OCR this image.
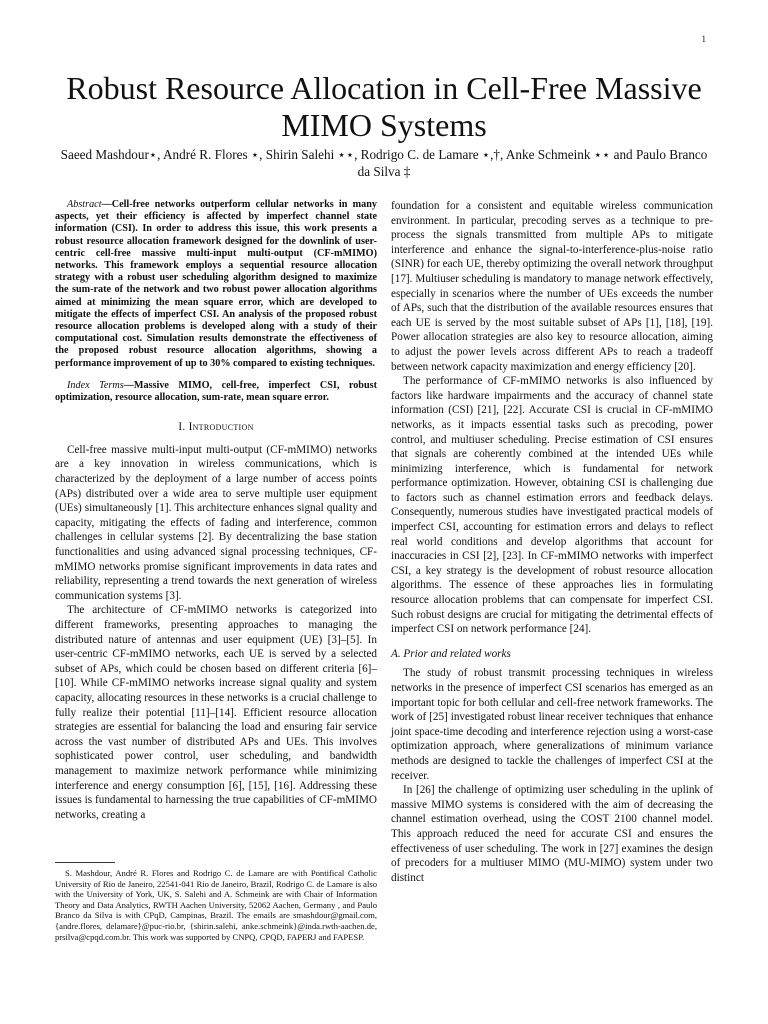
1
Robust Resource Allocation in Cell-Free Massive MIMO Systems
Saeed Mashdour⋆, André R. Flores ⋆, Shirin Salehi ⋆⋆, Rodrigo C. de Lamare ⋆,†, Anke Schmeink ⋆⋆ and Paulo Branco da Silva ‡

Abstract—Cell-free networks outperform cellular networks in many aspects, yet their efficiency is affected by imperfect channel state information (CSI). In order to address this issue, this work presents a robust resource allocation framework designed for the downlink of user-centric cell-free massive multi-input multi-output (CF-mMIMO) networks. This framework employs a sequential resource allocation strategy with a robust user scheduling algorithm designed to maximize the sum-rate of the network and two robust power allocation algorithms aimed at minimizing the mean square error, which are developed to mitigate the effects of imperfect CSI. An analysis of the proposed robust resource allocation problems is developed along with a study of their computational cost. Simulation results demonstrate the effectiveness of the proposed robust resource allocation algorithms, showing a performance improvement of up to 30% compared to existing techniques.

Index Terms—Massive MIMO, cell-free, imperfect CSI, robust optimization, resource allocation, sum-rate, mean square error.

I. Introduction

Cell-free massive multi-input multi-output (CF-mMIMO) networks are a key innovation in wireless communications, which is characterized by the deployment of a large number of access points (APs) distributed over a wide area to serve multiple user equipment (UEs) simultaneously [1]. This architecture enhances signal quality and capacity, mitigating the effects of fading and interference, common challenges in cellular systems [2]. By decentralizing the base station functionalities and using advanced signal processing techniques, CF-mMIMO networks promise significant improvements in data rates and reliability, representing a trend towards the next generation of wireless communication systems [3].

The architecture of CF-mMIMO networks is categorized into different frameworks, presenting approaches to managing the distributed nature of antennas and user equipment (UE) [3]–[5]. In user-centric CF-mMIMO networks, each UE is served by a selected subset of APs, which could be chosen based on different criteria [6]–[10]. While CF-mMIMO networks increase signal quality and system capacity, allocating resources in these networks is a crucial challenge to fully realize their potential [11]–[14]. Efficient resource allocation strategies are essential for balancing the load and ensuring fair service across the vast number of distributed APs and UEs. This involves sophisticated power control, user scheduling, and bandwidth management to maximize network performance while minimizing interference and energy consumption [6], [15], [16]. Addressing these issues is fundamental to harnessing the true capabilities of CF-mMIMO networks, creating a

S. Mashdour, André R. Flores and Rodrigo C. de Lamare are with Pontifical Catholic University of Rio de Janeiro, 22541-041 Rio de Janeiro, Brazil, Rodrigo C. de Lamare is also with the University of York, UK, S. Salehi and A. Schmeink are with Chair of Information Theory and Data Analytics, RWTH Aachen University, 52062 Aachen, Germany , and Paulo Branco da Silva is with CPqD, Campinas, Brazil. The emails are smashdour@gmail.com, {andre.flores, delamare}@puc-rio.br, {shirin.salehi, anke.schmeink}@inda.rwth-aachen.de, prsilva@cpqd.com.br. This work was supported by CNPQ, CPQD, FAPERJ and FAPESP.

foundation for a consistent and equitable wireless communication environment. In particular, precoding serves as a technique to pre-process the signals transmitted from multiple APs to mitigate interference and enhance the signal-to-interference-plus-noise ratio (SINR) for each UE, thereby optimizing the overall network throughput [17]. Multiuser scheduling is mandatory to manage network effectively, especially in scenarios where the number of UEs exceeds the number of APs, such that the distribution of the available resources ensures that each UE is served by the most suitable subset of APs [1], [18], [19]. Power allocation strategies are also key to resource allocation, aiming to adjust the power levels across different APs to reach a tradeoff between network capacity maximization and energy efficiency [20].

The performance of CF-mMIMO networks is also influenced by factors like hardware impairments and the accuracy of channel state information (CSI) [21], [22]. Accurate CSI is crucial in CF-mMIMO networks, as it impacts essential tasks such as precoding, power control, and multiuser scheduling. Precise estimation of CSI ensures that signals are coherently combined at the intended UEs while minimizing interference, which is fundamental for network performance optimization. However, obtaining CSI is challenging due to factors such as channel estimation errors and feedback delays. Consequently, numerous studies have investigated practical models of imperfect CSI, accounting for estimation errors and delays to reflect real world conditions and develop algorithms that account for inaccuracies in CSI [2], [23]. In CF-mMIMO networks with imperfect CSI, a key strategy is the development of robust resource allocation algorithms. The essence of these approaches lies in formulating resource allocation problems that can compensate for imperfect CSI. Such robust designs are crucial for mitigating the detrimental effects of imperfect CSI on network performance [24].

A. Prior and related works

The study of robust transmit processing techniques in wireless networks in the presence of imperfect CSI scenarios has emerged as an important topic for both cellular and cell-free network frameworks. The work of [25] investigated robust linear receiver techniques that enhance joint space-time decoding and interference rejection using a worst-case optimization approach, where generalizations of minimum variance methods are designed to tackle the challenges of imperfect CSI at the receiver.

In [26] the challenge of optimizing user scheduling in the uplink of massive MIMO systems is considered with the aim of decreasing the channel estimation overhead, using the COST 2100 channel model. This approach reduced the need for accurate CSI and ensures the effectiveness of user scheduling. The work in [27] examines the design of precoders for a multiuser MIMO (MU-MIMO) system under two distinct
